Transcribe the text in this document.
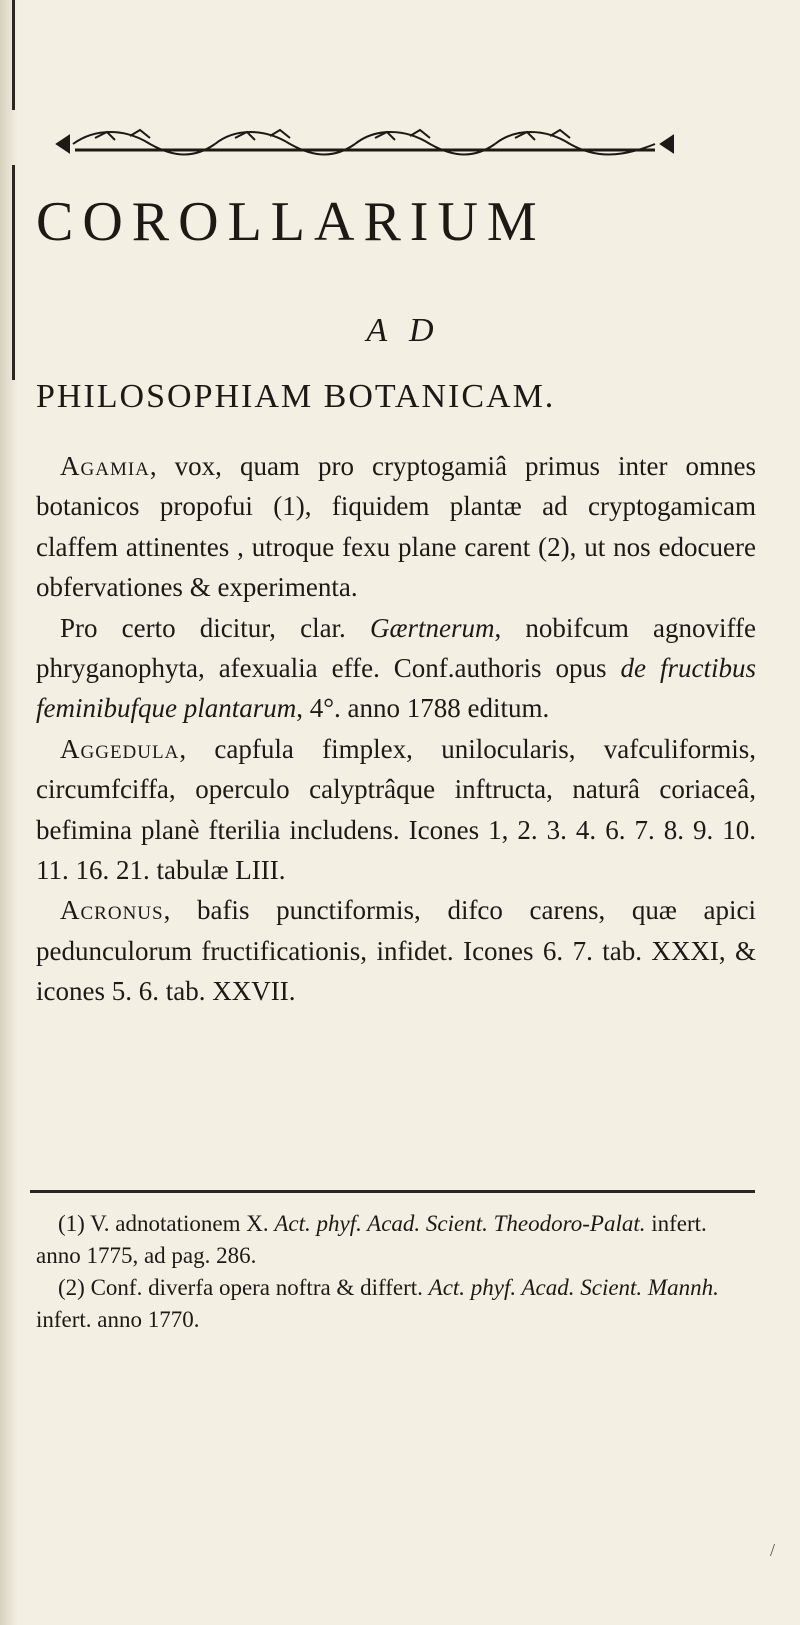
COROLLARIUM
A D
PHILOSOPHIAM BOTANICAM.

Agamia, vox, quam pro cryptogamiâ primus inter omnes botanicos propofui (1), fiquidem plantæ ad cryptogamicam claffem attinentes , utroque fexu plane carent (2), ut nos edocuere obfervationes & experimenta.

Pro certo dicitur, clar. Gærtnerum, nobifcum agnoviffe phryganophyta, afexualia effe. Conf.authoris opus de fructibus feminibufque plantarum, 4°. anno 1788 editum.

Aggedula, capfula fimplex, unilocularis, vafculiformis, circumfciffa, operculo calyptrâque inftructa, naturâ coriaceâ, befimina planè fterilia includens. Icones 1, 2. 3. 4. 6. 7. 8. 9. 10. 11. 16. 21. tabulæ LIII.

Acronus, bafis punctiformis, difco carens, quæ apici pedunculorum fructificationis, infidet. Icones 6. 7. tab. XXXI, & icones 5. 6. tab. XXVII.

(1) V. adnotationem X. Act. phyf. Acad. Scient. Theodoro-Palat. infert. anno 1775, ad pag. 286.

(2) Conf. diverfa opera noftra & differt. Act. phyf. Acad. Scient. Mannh. infert. anno 1770.

/
